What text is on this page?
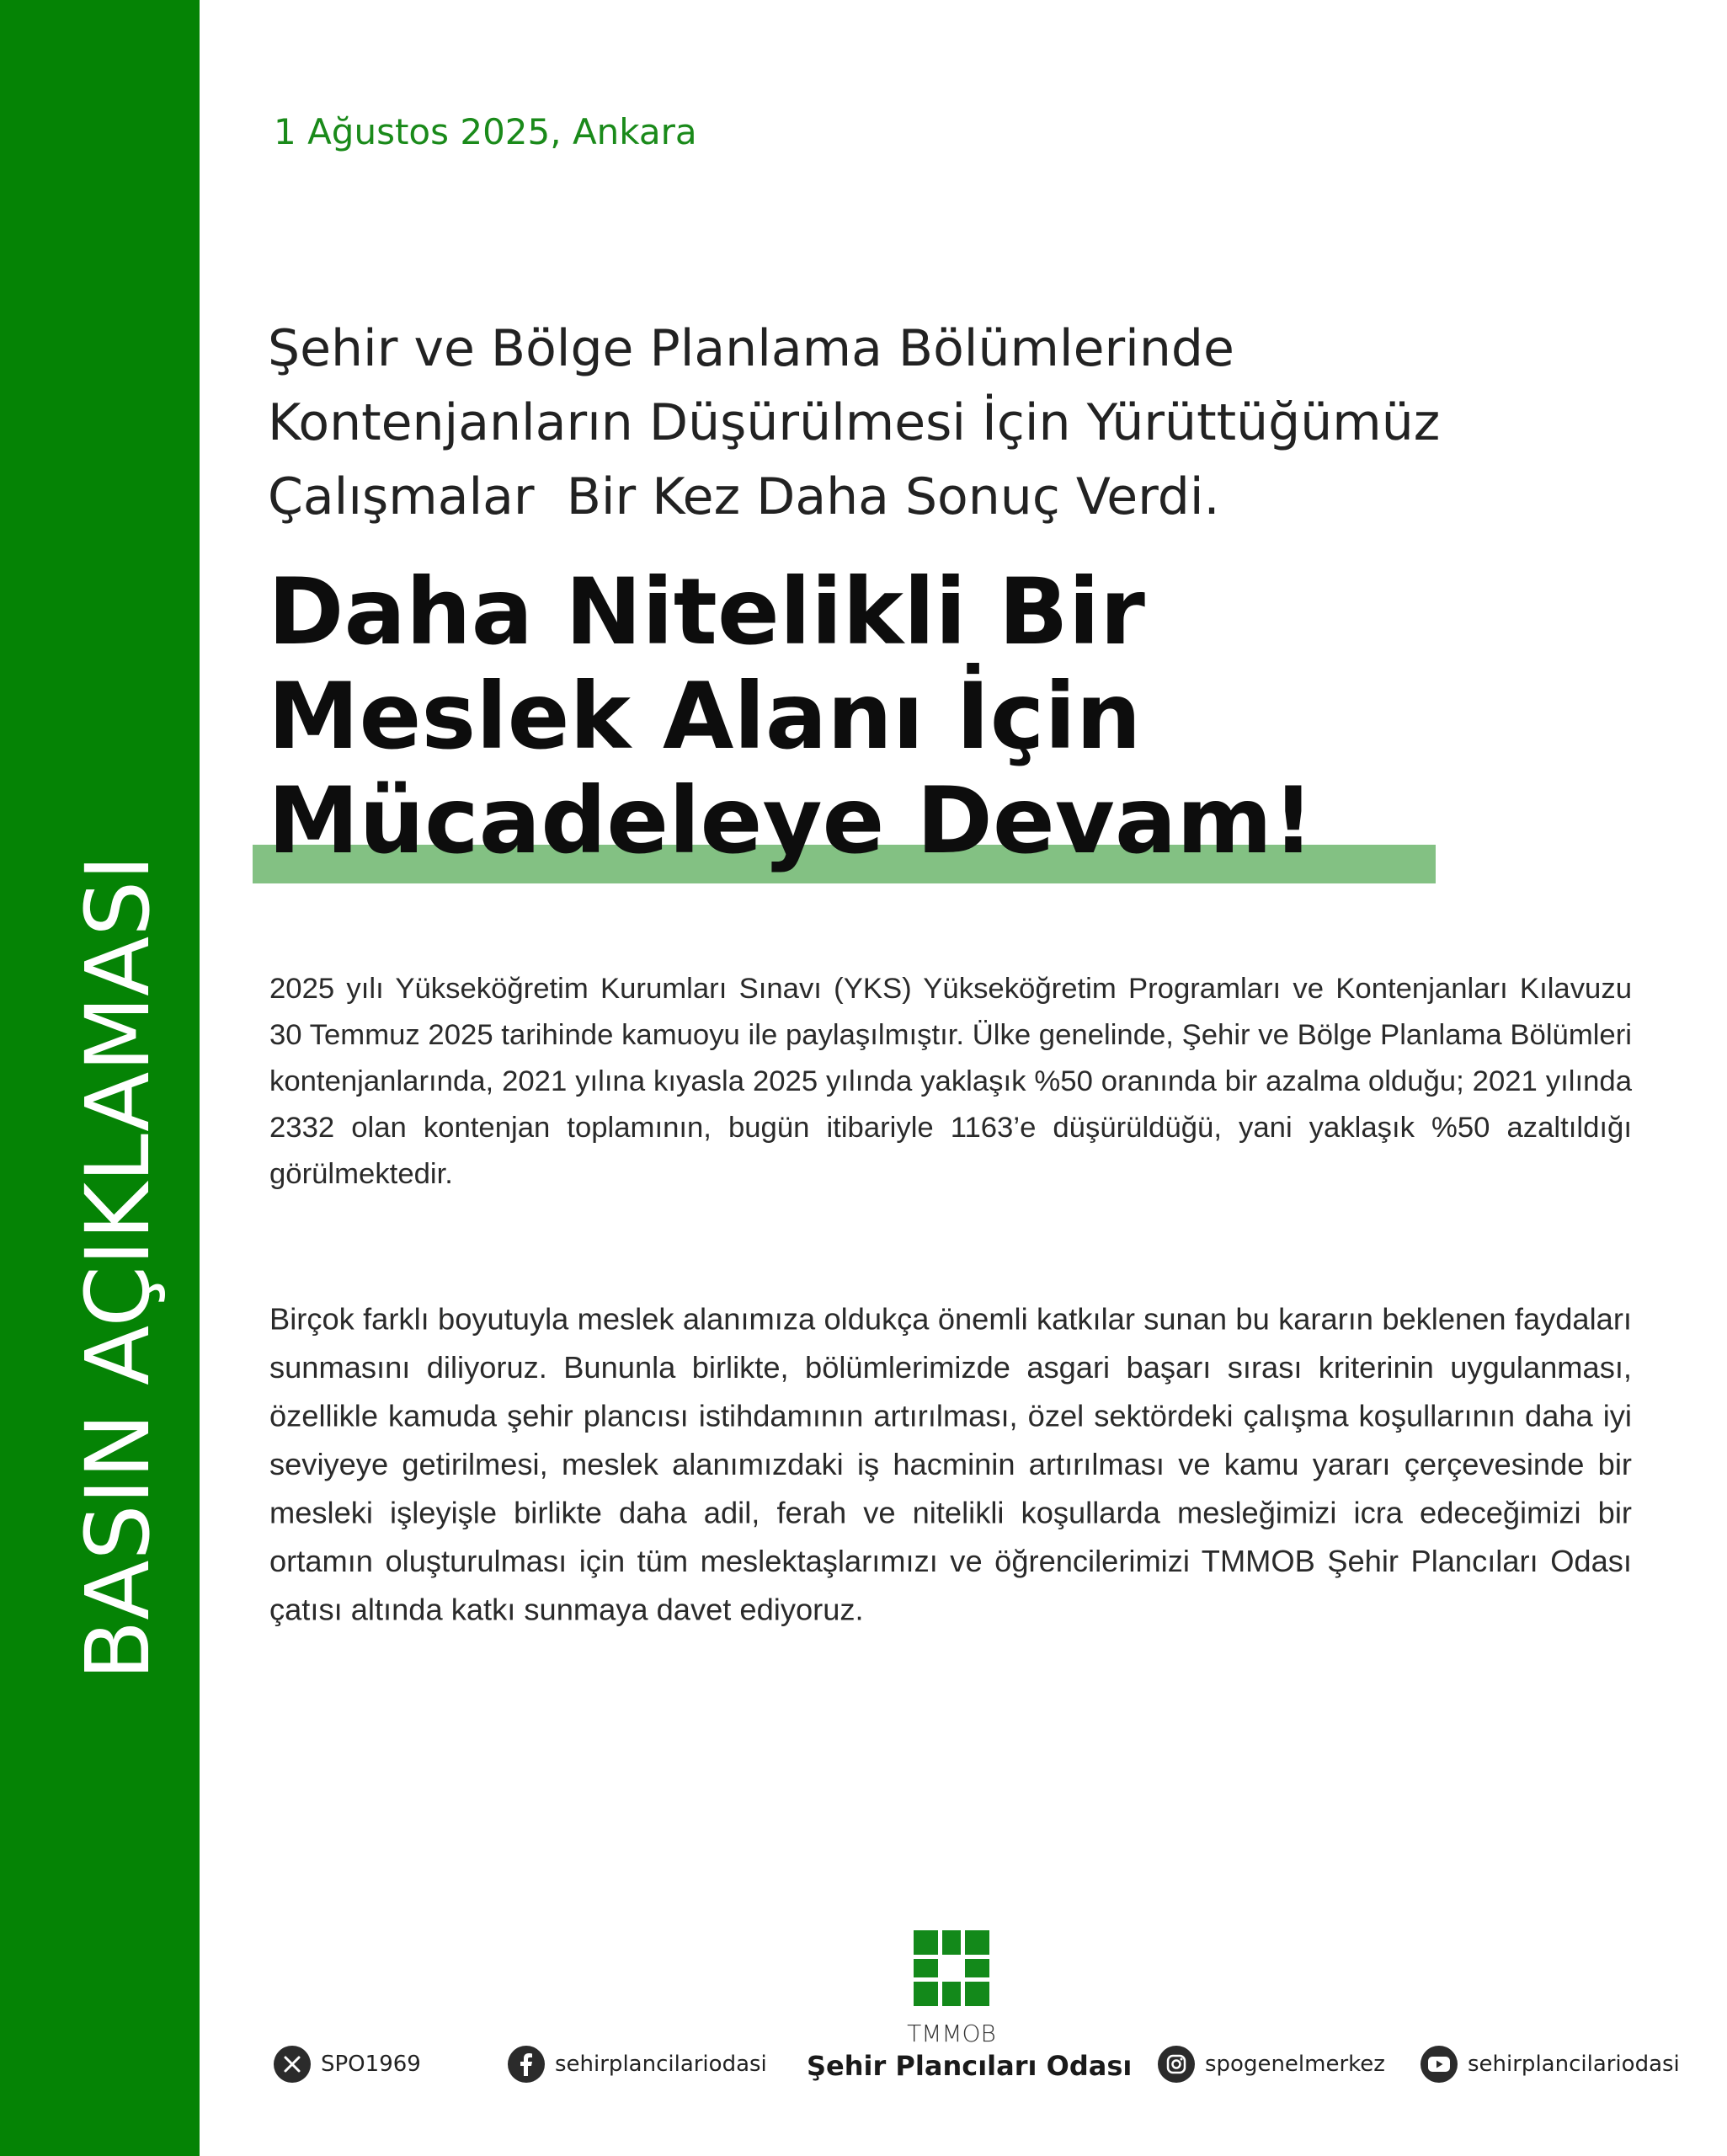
BASIN AÇIKLAMASI
1 Ağustos 2025, Ankara
Şehir ve Bölge Planlama Bölümlerinde
Kontenjanların Düşürülmesi İçin Yürüttüğümüz
Çalışmalar  Bir Kez Daha Sonuç Verdi.
Daha Nitelikli Bir
Meslek Alanı İçin
Mücadeleye Devam!
2025 yılı Yükseköğretim Kurumları Sınavı (YKS) Yükseköğretim Programları ve Kontenjanları Kılavuzu 30 Temmuz 2025 tarihinde kamuoyu ile paylaşılmıştır. Ülke genelinde, Şehir ve Bölge Planlama Bölümleri kontenjanlarında, 2021 yılına kıyasla 2025 yılında yaklaşık %50 oranında bir azalma olduğu; 2021 yılında 2332 olan kontenjan toplamının, bugün itibariyle 1163’e düşürüldüğü, yani yaklaşık %50 azaltıldığı görülmektedir.
Birçok farklı boyutuyla meslek alanımıza oldukça önemli katkılar sunan bu kararın beklenen faydaları sunmasını diliyoruz. Bununla birlikte, bölümlerimizde asgari başarı sırası kriterinin uygulanması, özellikle kamuda şehir plancısı istihdamının artırılması, özel sektördeki çalışma koşullarının daha iyi seviyeye getirilmesi, meslek alanımızdaki iş hacminin artırılması ve kamu yararı çerçevesinde bir mesleki işleyişle birlikte daha adil, ferah ve nitelikli koşullarda mesleğimizi icra edeceğimizi bir ortamın oluşturulması için tüm meslektaşlarımızı ve öğrencilerimizi TMMOB Şehir Plancıları Odası çatısı altında katkı sunmaya davet ediyoruz.
TMMOB
Şehir Plancıları Odası
SPO1969	sehirplancilariodasi	spogenelmerkez	sehirplancilariodasi
